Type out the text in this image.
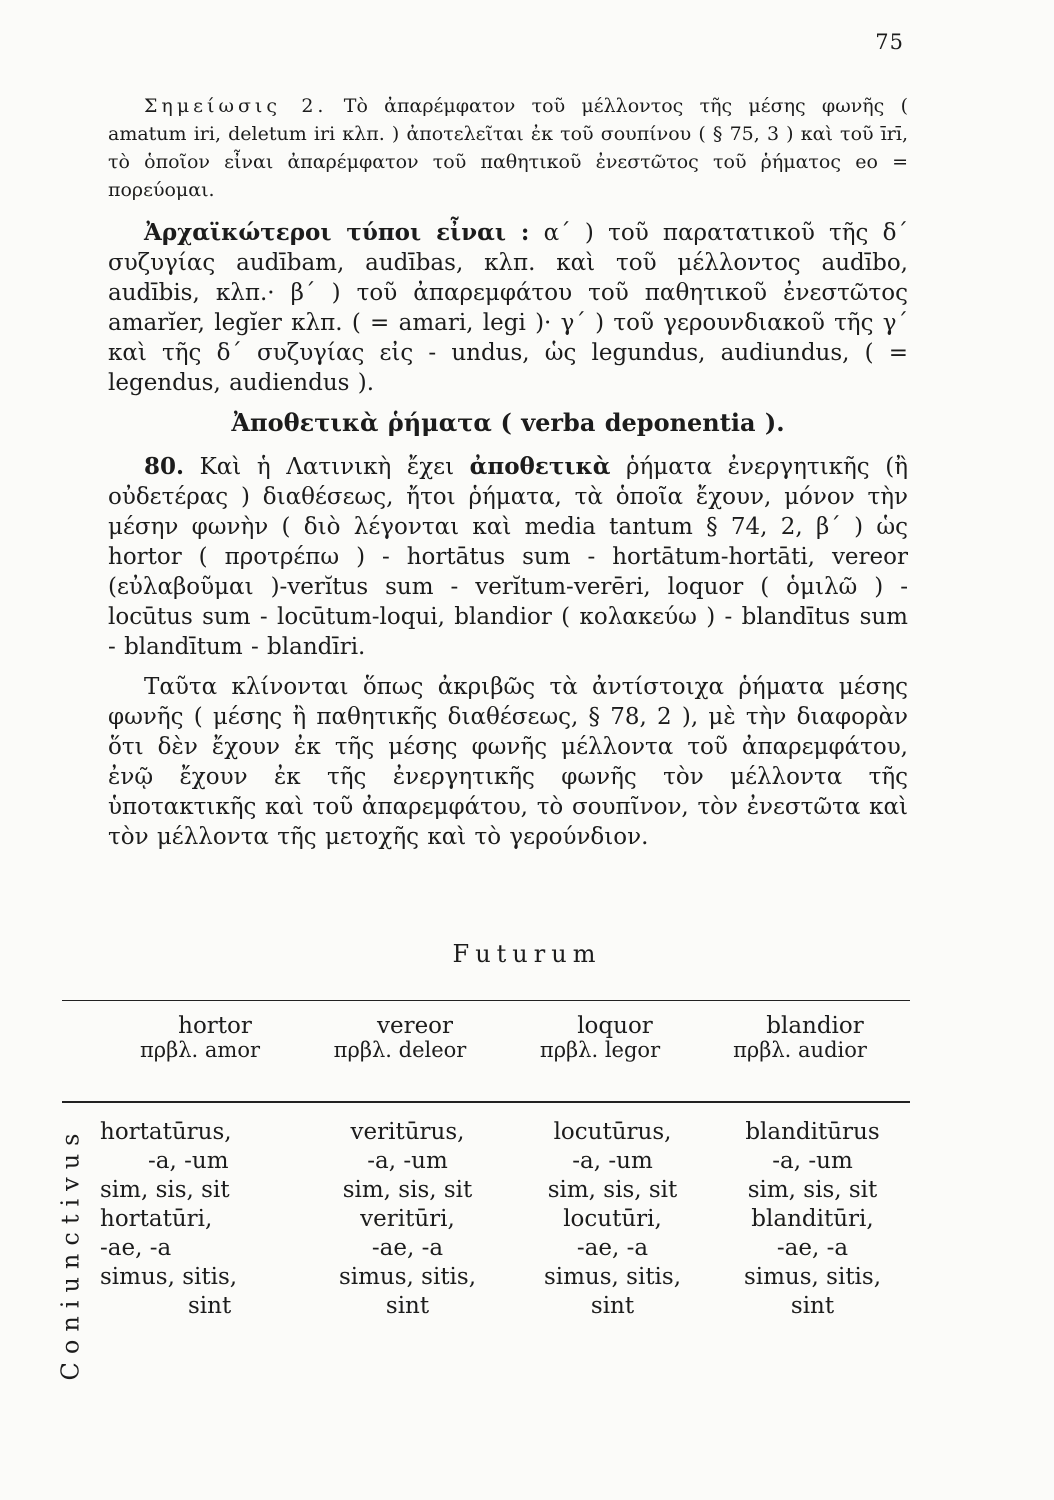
75

Σημείωσις 2. Τὸ ἀπαρέμφατον τοῦ μέλλοντος τῆς μέσης φωνῆς ( amatum iri, deletum iri κλπ. ) ἀποτελεῖται ἐκ τοῦ σουπίνου ( § 75, 3 ) καὶ τοῦ īrī, τὸ ὁποῖον εἶναι ἀπαρέμφατον τοῦ παθητικοῦ ἐνεστῶτος τοῦ ῥήματος eo = πορεύομαι.

Ἀρχαϊκώτεροι τύποι εἶναι : α΄ ) τοῦ παρατατικοῦ τῆς δ΄ συζυγίας audībam, audības, κλπ. καὶ τοῦ μέλλοντος audībo, audībis, κλπ.· β΄ ) τοῦ ἀπαρεμφάτου τοῦ παθητικοῦ ἐνεστῶτος amarĭer, legĭer κλπ. ( = amari, legi )· γ΄ ) τοῦ γερουνδιακοῦ τῆς γ΄ καὶ τῆς δ΄ συζυγίας εἰς - undus, ὡς legundus, audiundus, ( = legendus, audiendus ).

Ἀποθετικὰ ῥήματα ( verba deponentia ).

80. Καὶ ἡ Λατινικὴ ἔχει ἀποθετικὰ ῥήματα ἐνεργητικῆς (ἢ οὐδετέρας ) διαθέσεως, ἤτοι ῥήματα, τὰ ὁποῖα ἔχουν, μόνον τὴν μέσην φωνὴν ( διὸ λέγονται καὶ media tantum § 74, 2, β΄ ) ὡς hortor ( προτρέπω ) - hortātus sum - hortātum-hortāti, vereor (εὐλαβοῦμαι )-verĭtus sum - verĭtum-verēri, loquor ( ὁμιλῶ ) - locūtus sum - locūtum-loqui, blandior ( κολακεύω ) - blandītus sum - blandītum - blandīri.

Ταῦτα κλίνονται ὅπως ἀκριβῶς τὰ ἀντίστοιχα ῥήματα μέσης φωνῆς ( μέσης ἢ παθητικῆς διαθέσεως, § 78, 2 ), μὲ τὴν διαφορὰν ὅτι δὲν ἔχουν ἐκ τῆς μέσης φωνῆς μέλλοντα τοῦ ἀπαρεμφάτου, ἐνῷ ἔχουν ἐκ τῆς ἐνεργητικῆς φωνῆς τὸν μέλλοντα τῆς ὑποτακτικῆς καὶ τοῦ ἀπαρεμφάτου, τὸ σουπῖνον, τὸν ἐνεστῶτα καὶ τὸν μέλλοντα τῆς μετοχῆς καὶ τὸ γερούνδιον.

Futurum
hortor
πρβλ. amor
vereor
πρβλ. deleor
loquor
πρβλ. legor
blandior
πρβλ. audior
Coniunctivus hortatūrus,
-a, -um
sim, sis, sit
hortatūri,
-ae, -a
simus, sitis,
sint
veritūrus,
-a, -um
sim, sis, sit
veritūri,
-ae, -a
simus, sitis,
sint
locutūrus,
-a, -um
sim, sis, sit
locutūri,
-ae, -a
simus, sitis,
sint
blanditūrus
-a, -um
sim, sis, sit
blanditūri,
-ae, -a
simus, sitis,
sint
